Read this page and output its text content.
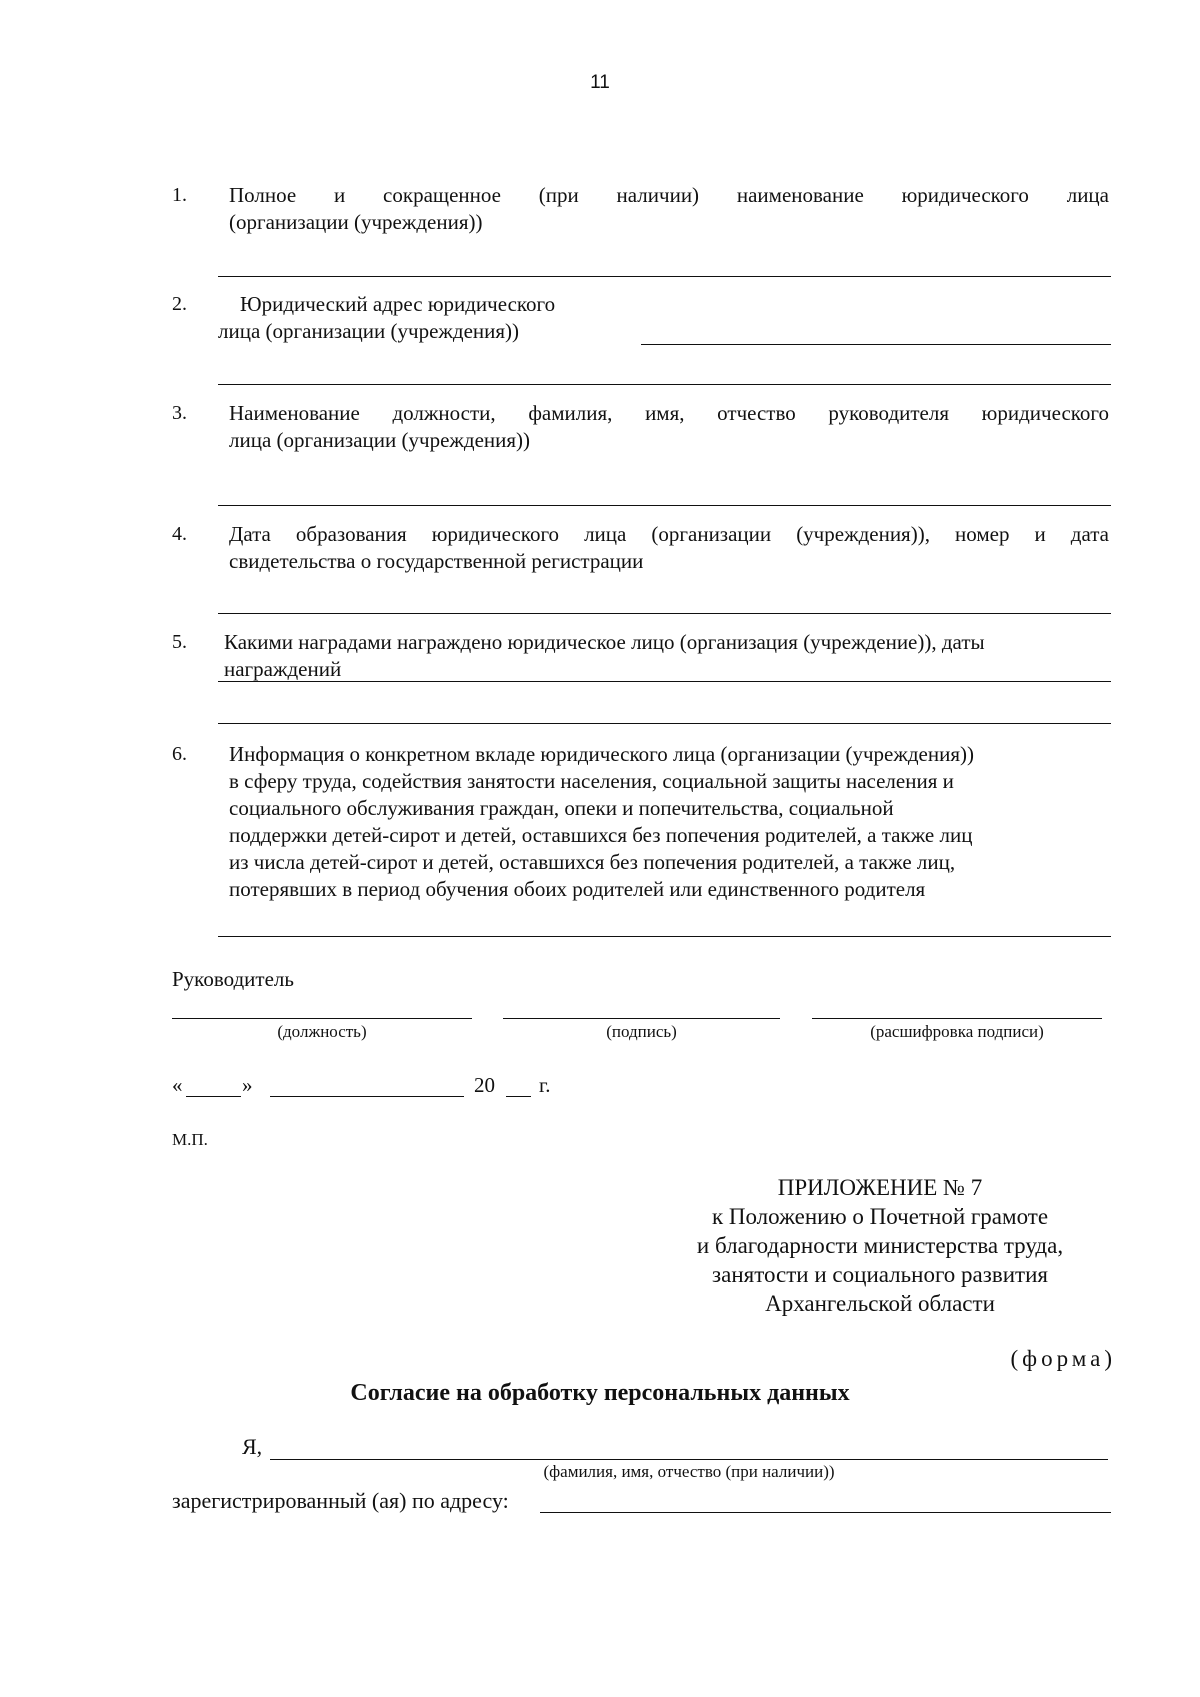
11
1. Полное и сокращенное (при наличии) наименование юридического лица
(организации (учреждения))
2.	Юридический адрес юридического
лица (организации (учреждения))
3. Наименование должности, фамилия, имя, отчество руководителя юридического
лица (организации (учреждения))
4. Дата образования юридического лица (организации (учреждения)), номер и дата
свидетельства о государственной регистрации
5. Какими наградами награждено юридическое лицо (организация (учреждение)), даты
награждений
6. Информация о конкретном вкладе юридического лица (организации (учреждения))
в сферу труда, содействия занятости населения, социальной защиты населения и
социального обслуживания граждан, опеки и попечительства, социальной
поддержки детей-сирот и детей, оставшихся без попечения родителей, а также лиц
из числа детей-сирот и детей, оставшихся без попечения родителей, а также лиц,
потерявших в период обучения обоих родителей или единственного родителя
Руководитель
(должность)	(подпись)	(расшифровка подписи)
«	»	20 г.
М.П.
ПРИЛОЖЕНИЕ № 7
к Положению о Почетной грамоте
и благодарности министерства труда,
занятости и социального развития
Архангельской области
(форма)
Согласие на обработку персональных данных
Я,
(фамилия, имя, отчество (при наличии))
зарегистрированный (ая) по адресу:
